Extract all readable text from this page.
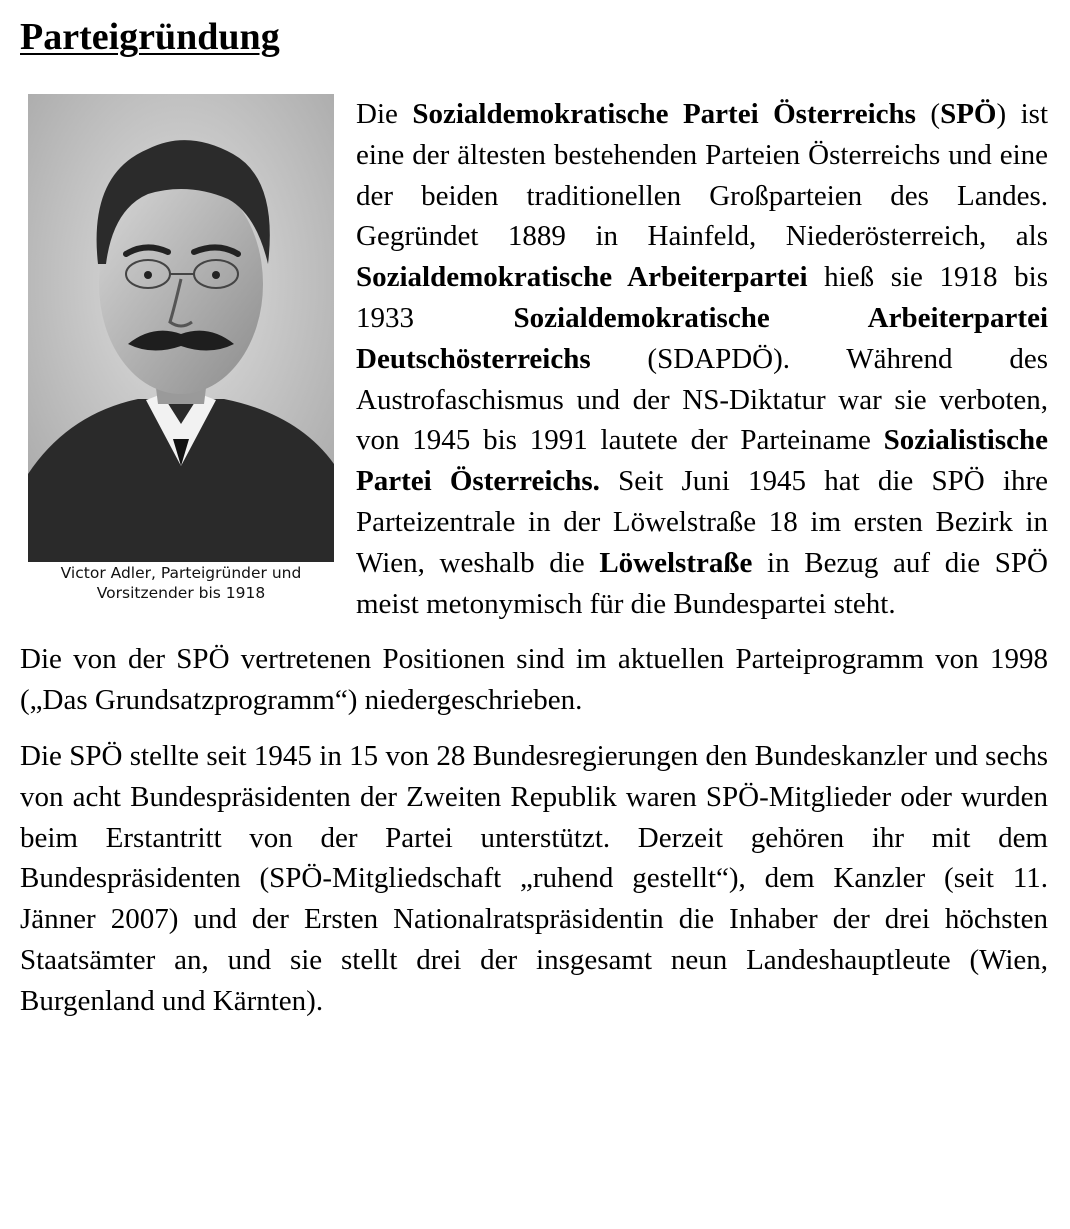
Parteigründung
Victor Adler, Parteigründer und
Vorsitzender bis 1918

Die Sozialdemokratische Partei Österreichs (SPÖ) ist eine der ältesten bestehenden Parteien Österreichs und eine der beiden traditionellen Großparteien des Landes. Gegründet 1889 in Hainfeld, Niederösterreich, als Sozialdemokratische Arbeiterpartei hieß sie 1918 bis 1933 Sozialdemokratische Arbeiterpartei Deutschösterreichs (SDAPDÖ). Während des Austrofaschismus und der NS-Diktatur war sie verboten, von 1945 bis 1991 lautete der Parteiname Sozialistische Partei Österreichs. Seit Juni 1945 hat die SPÖ ihre Parteizentrale in der Löwelstraße 18 im ersten Bezirk in Wien, weshalb die Löwelstraße in Bezug auf die SPÖ meist metonymisch für die Bundespartei steht.

Die von der SPÖ vertretenen Positionen sind im aktuellen Parteiprogramm von 1998 („Das Grundsatzprogramm“) niedergeschrieben.

Die SPÖ stellte seit 1945 in 15 von 28 Bundesregierungen den Bundeskanzler und sechs von acht Bundespräsidenten der Zweiten Republik waren SPÖ-Mitglieder oder wurden beim Erstantritt von der Partei unterstützt. Derzeit gehören ihr mit dem Bundespräsidenten (SPÖ-Mitgliedschaft „ruhend gestellt“), dem Kanzler (seit 11. Jänner 2007) und der Ersten Nationalratspräsidentin die Inhaber der drei höchsten Staatsämter an, und sie stellt drei der insgesamt neun Landeshauptleute (Wien, Burgenland und Kärnten).
